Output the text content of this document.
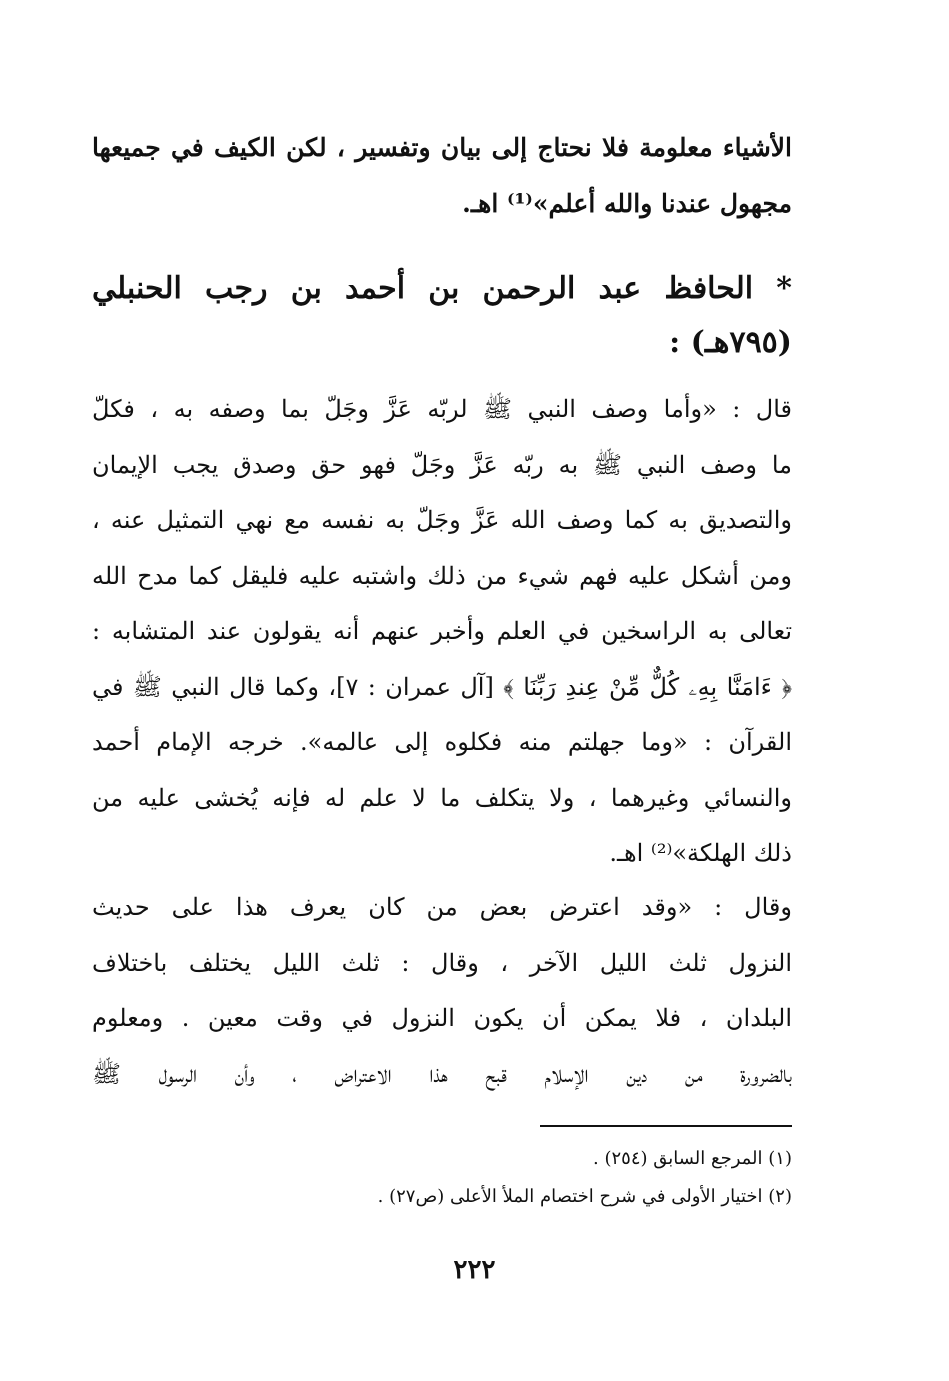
الأشياء معلومة فلا نحتاج إلى بيان وتفسير ، لكن الكيف في جميعها
مجهول عندنا والله أعلم»⁽¹⁾ اهـ.
* الحافظ عبد الرحمن بن أحمد بن رجب الحنبلي
(٧٩٥هـ) :
قال : «وأما وصف النبي ﷺ لربّه عَزَّ وجَلّ بما وصفه به ، فكلّ
ما وصف النبي ﷺ به ربّه عَزَّ وجَلّ فهو حق وصدق يجب الإيمان
والتصديق به كما وصف الله عَزَّ وجَلّ به نفسه مع نهي التمثيل عنه ،
ومن أشكل عليه فهم شيء من ذلك واشتبه عليه فليقل كما مدح الله
تعالى به الراسخين في العلم وأخبر عنهم أنه يقولون عند المتشابه :
﴿ ءَامَنَّا بِهِۦ كُلٌّ مِّنْ عِندِ رَبِّنَا ﴾ [آل عمران : ٧]، وكما قال النبي ﷺ في
القرآن : «وما جهلتم منه فكلوه إلى عالمه». خرجه الإمام أحمد
والنسائي وغيرهما ، ولا يتكلف ما لا علم له فإنه يُخشى عليه من
ذلك الهلكة»⁽²⁾ اهـ.
وقال : «وقد اعترض بعض من كان يعرف هذا على حديث
النزول ثلث الليل الآخر ، وقال : ثلث الليل يختلف باختلاف
البلدان ، فلا يمكن أن يكون النزول في وقت معين . ومعلوم
بالضرورة من دين الإسلام قبح هذا الاعتراض ، وأن الرسول ﷺ
(١) المرجع السابق (٢٥٤) .
(٢) اختيار الأولى في شرح اختصام الملأ الأعلى (ص٢٧) .
٢٢٢
